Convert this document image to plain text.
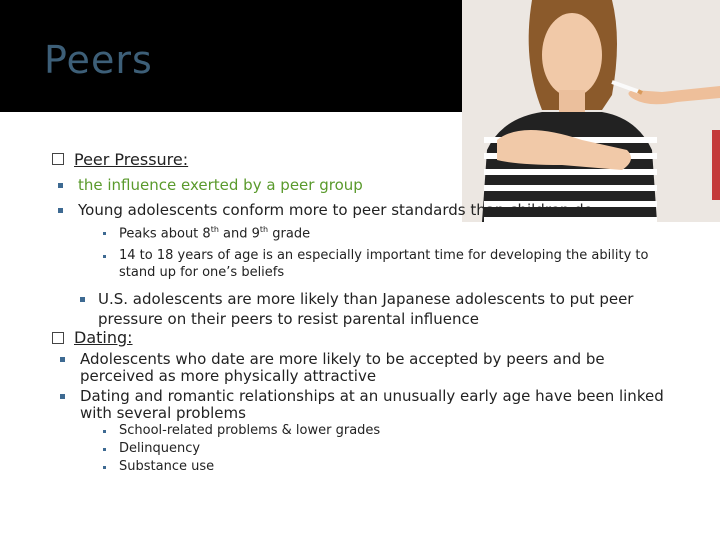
Peers
Peer Pressure:
the influence exerted by a peer group
Young adolescents conform more to peer standards than children do
Peaks about 8th and 9th grade
14 to 18 years of age is an especially important time for developing the ability to
stand up for one’s beliefs
U.S. adolescents are more likely than Japanese adolescents to put peer
pressure on their peers to resist parental influence
Dating:
Adolescents who date are more likely to be accepted by peers and be
perceived as more physically attractive
Dating and romantic relationships at an unusually early age have been linked
with several problems
School-related problems & lower grades
Delinquency
Substance use
